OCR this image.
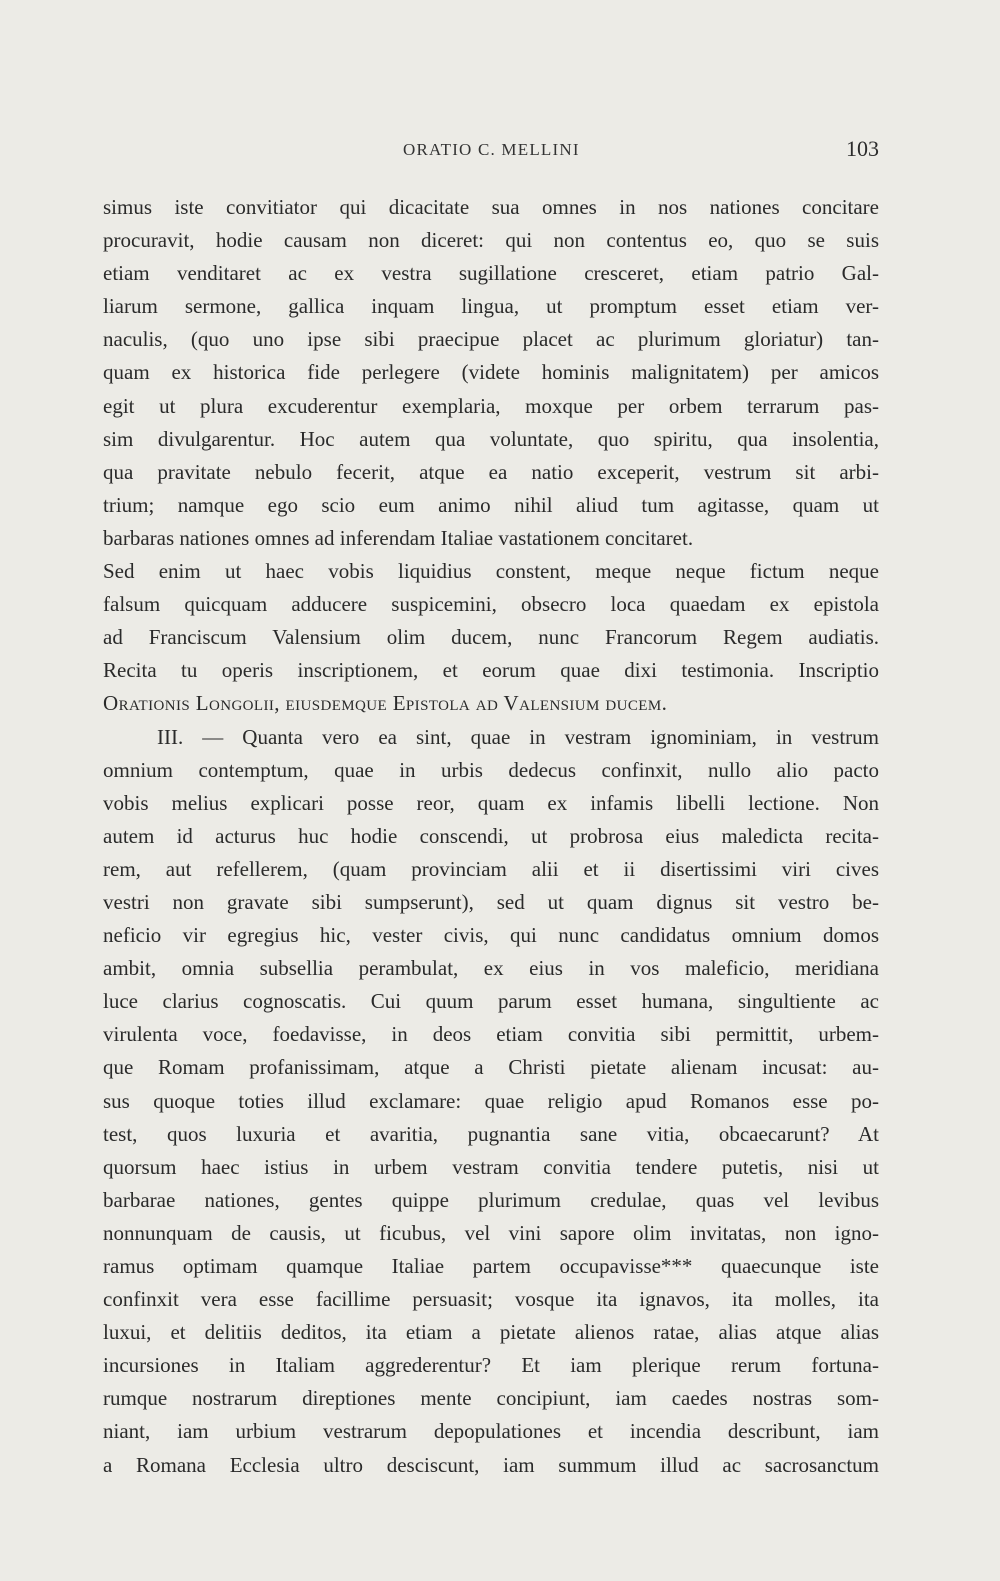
ORATIO C. MELLINI	103
simus iste convitiator qui dicacitate sua omnes in nos nationes concitare
procuravit, hodie causam non diceret: qui non contentus eo, quo se suis
etiam venditaret ac ex vestra sugillatione cresceret, etiam patrio Gal-
liarum sermone, gallica inquam lingua, ut promptum esset etiam ver-
naculis, (quo uno ipse sibi praecipue placet ac plurimum gloriatur) tan-
quam ex historica fide perlegere (videte hominis malignitatem) per amicos
egit ut plura excuderentur exemplaria, moxque per orbem terrarum pas-
sim divulgarentur. Hoc autem qua voluntate, quo spiritu, qua insolentia,
qua pravitate nebulo fecerit, atque ea natio exceperit, vestrum sit arbi-
trium; namque ego scio eum animo nihil aliud tum agitasse, quam ut
barbaras nationes omnes ad inferendam Italiae vastationem concitaret.
Sed enim ut haec vobis liquidius constent, meque neque fictum neque
falsum quicquam adducere suspicemini, obsecro loca quaedam ex epistola
ad Franciscum Valensium olim ducem, nunc Francorum Regem audiatis.
Recita tu operis inscriptionem, et eorum quae dixi testimonia. Inscriptio
Orationis Longolii, eiusdemque Epistola ad Valensium ducem.
III. — Quanta vero ea sint, quae in vestram ignominiam, in vestrum
omnium contemptum, quae in urbis dedecus confinxit, nullo alio pacto
vobis melius explicari posse reor, quam ex infamis libelli lectione. Non
autem id acturus huc hodie conscendi, ut probrosa eius maledicta recita-
rem, aut refellerem, (quam provinciam alii et ii disertissimi viri cives
vestri non gravate sibi sumpserunt), sed ut quam dignus sit vestro be-
neficio vir egregius hic, vester civis, qui nunc candidatus omnium domos
ambit, omnia subsellia perambulat, ex eius in vos maleficio, meridiana
luce clarius cognoscatis. Cui quum parum esset humana, singultiente ac
virulenta voce, foedavisse, in deos etiam convitia sibi permittit, urbem-
que Romam profanissimam, atque a Christi pietate alienam incusat: au-
sus quoque toties illud exclamare: quae religio apud Romanos esse po-
test, quos luxuria et avaritia, pugnantia sane vitia, obcaecarunt? At
quorsum haec istius in urbem vestram convitia tendere putetis, nisi ut
barbarae nationes, gentes quippe plurimum credulae, quas vel levibus
nonnunquam de causis, ut ficubus, vel vini sapore olim invitatas, non igno-
ramus optimam quamque Italiae partem occupavisse*** quaecunque iste
confinxit vera esse facillime persuasit; vosque ita ignavos, ita molles, ita
luxui, et delitiis deditos, ita etiam a pietate alienos ratae, alias atque alias
incursiones in Italiam aggrederentur? Et iam plerique rerum fortuna-
rumque nostrarum direptiones mente concipiunt, iam caedes nostras som-
niant, iam urbium vestrarum depopulationes et incendia describunt, iam
a Romana Ecclesia ultro desciscunt, iam summum illud ac sacrosanctum
